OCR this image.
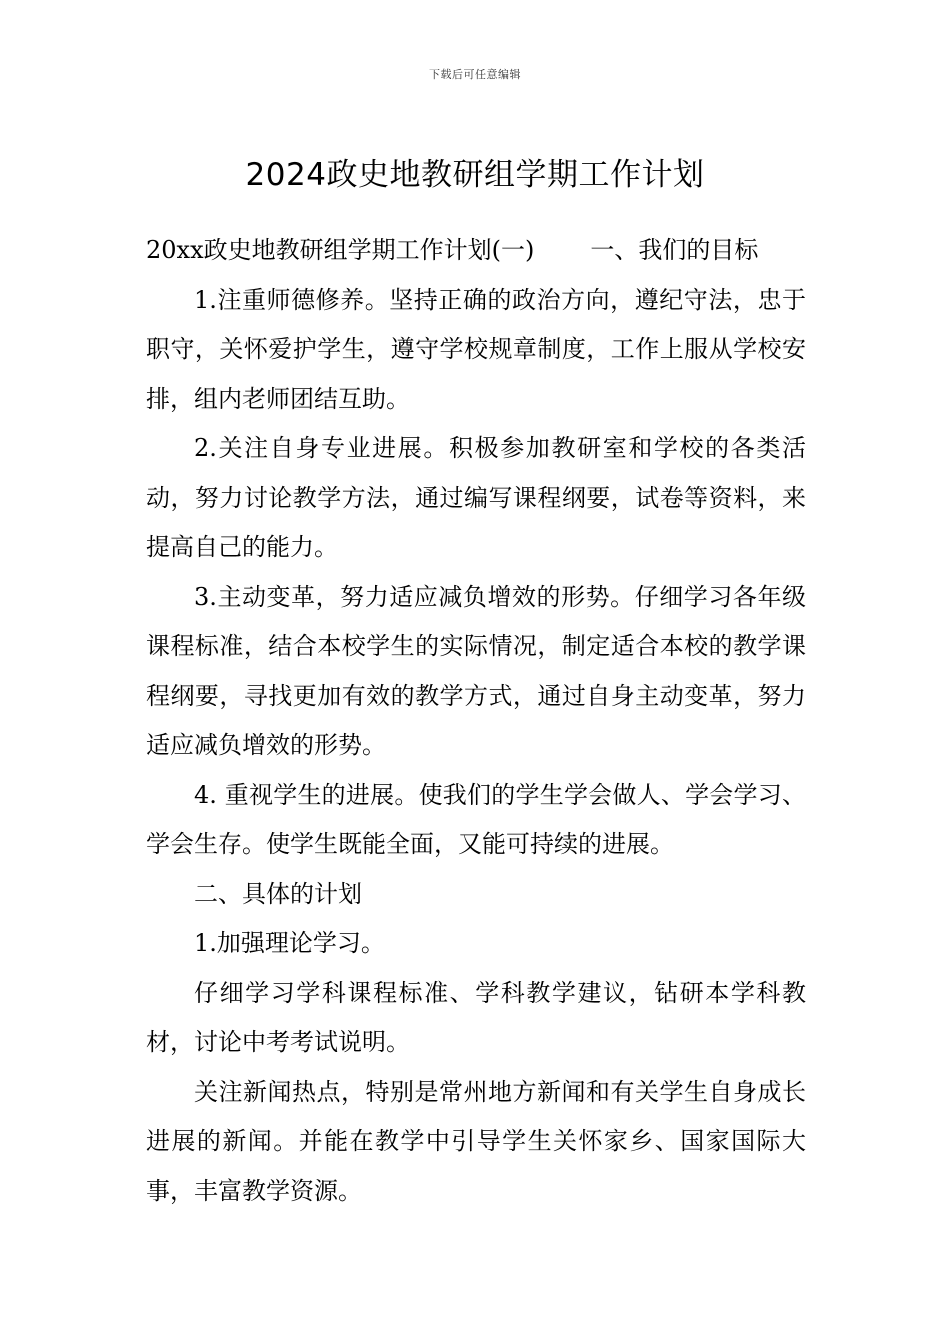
下载后可任意编辑
2024政史地教研组学期工作计划

20xx政史地教研组学期工作计划(一) 一、我们的目标

1.注重师德修养。坚持正确的政治方向，遵纪守法，忠于职守，关怀爱护学生，遵守学校规章制度，工作上服从学校安排，组内老师团结互助。

2.关注自身专业进展。积极参加教研室和学校的各类活动，努力讨论教学方法，通过编写课程纲要，试卷等资料，来提高自己的能力。

3.主动变革，努力适应减负增效的形势。仔细学习各年级课程标准，结合本校学生的实际情况，制定适合本校的教学课程纲要，寻找更加有效的教学方式，通过自身主动变革，努力适应减负增效的形势。

4. 重视学生的进展。使我们的学生学会做人、学会学习、学会生存。使学生既能全面，又能可持续的进展。

二、具体的计划

1.加强理论学习。

仔细学习学科课程标准、学科教学建议，钻研本学科教材，讨论中考考试说明。

关注新闻热点，特别是常州地方新闻和有关学生自身成长进展的新闻。并能在教学中引导学生关怀家乡、国家国际大事，丰富教学资源。
